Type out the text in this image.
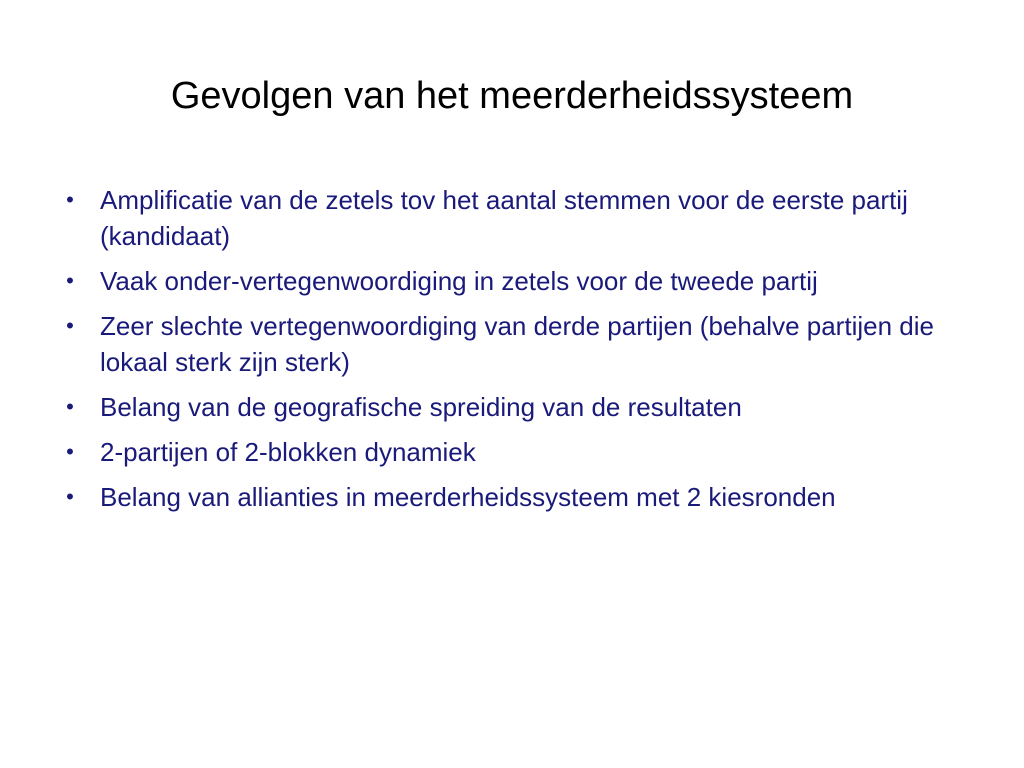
Gevolgen van het meerderheidssysteem
• Amplificatie van de zetels tov het aantal stemmen voor de eerste partij (kandidaat)
• Vaak onder-vertegenwoordiging in zetels voor de tweede partij
• Zeer slechte vertegenwoordiging van derde partijen (behalve partijen die lokaal sterk zijn sterk)
• Belang van de geografische spreiding van de resultaten
• 2-partijen of 2-blokken dynamiek
• Belang van allianties in meerderheidssysteem met 2 kiesronden
